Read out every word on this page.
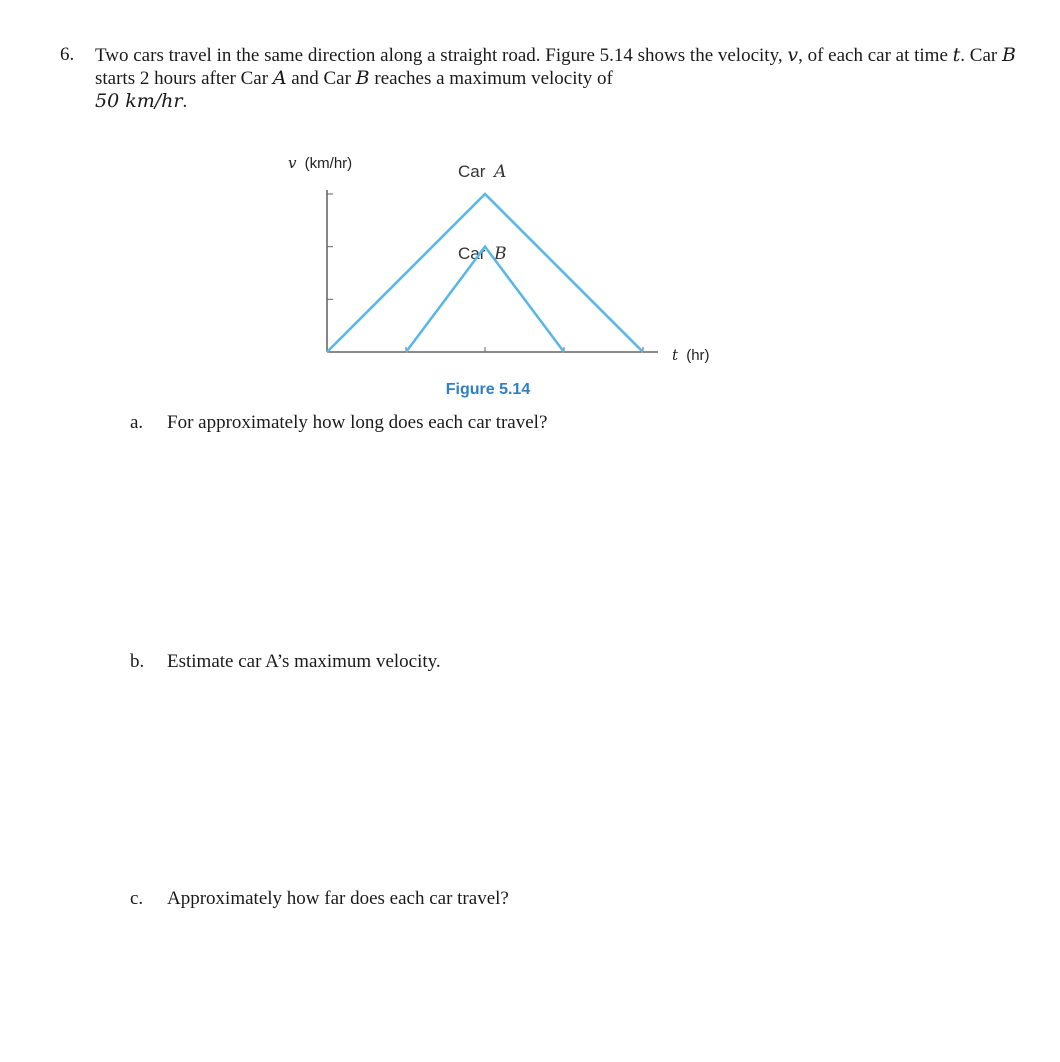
6. Two cars travel in the same direction along a straight road. Figure 5.14 shows the velocity, v, of each car at time t. Car B starts 2 hours after Car A and Car B reaches a maximum velocity of
50 km/hr.
v (km/hr)	Car A
Car B
t (hr)
Figure 5.14
a. For approximately how long does each car travel?
b. Estimate car A’s maximum velocity.
c. Approximately how far does each car travel?
